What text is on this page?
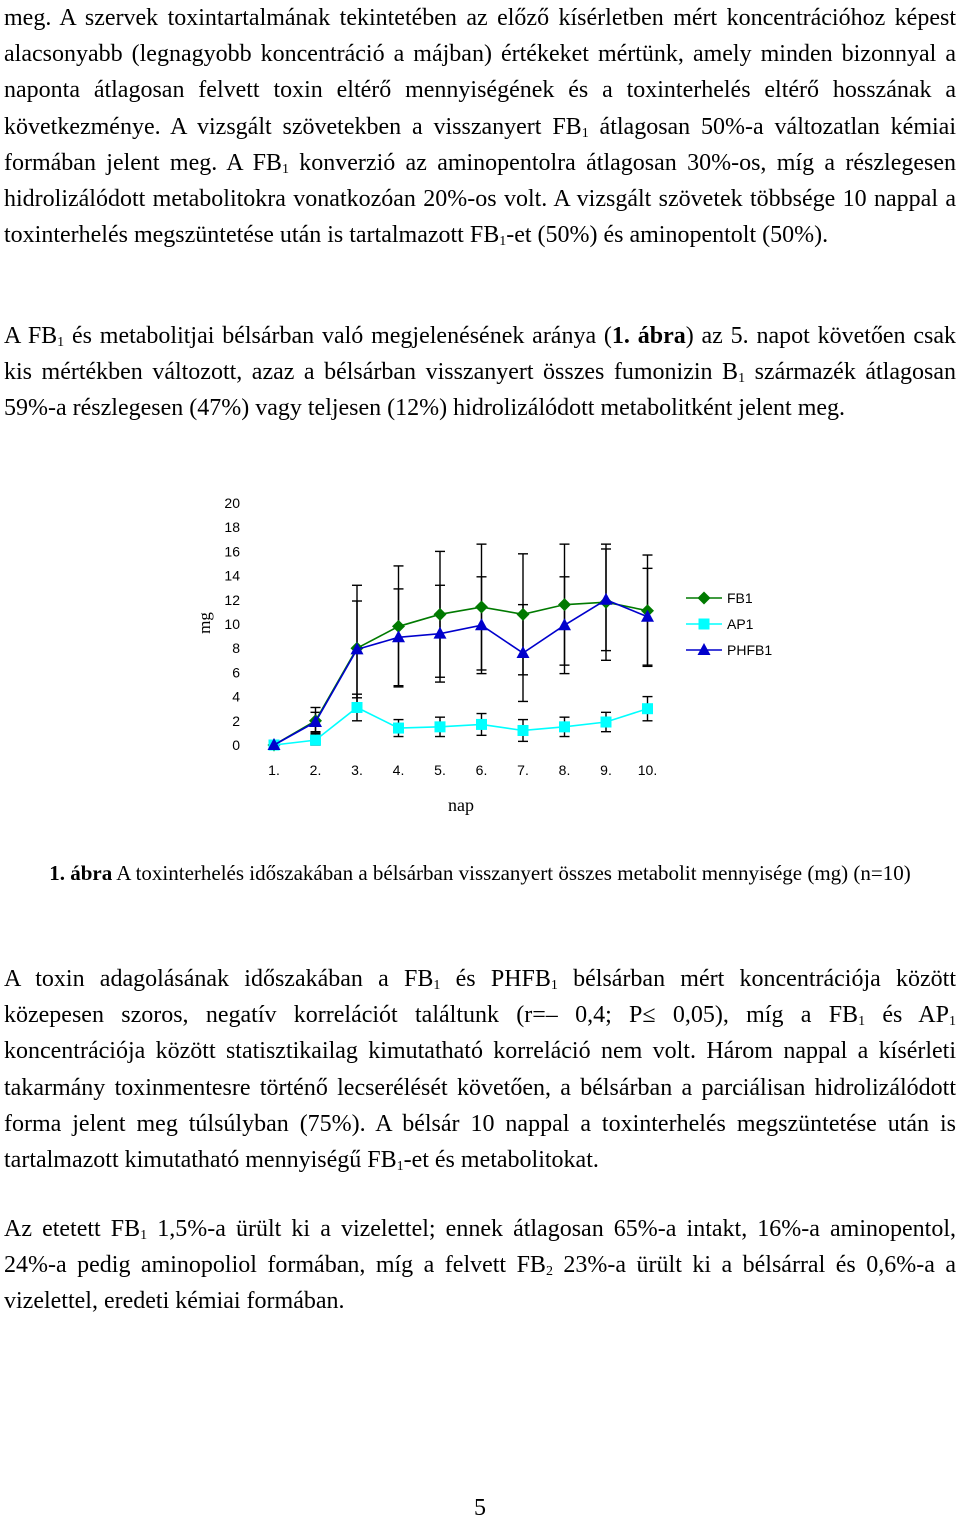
meg. A szervek toxintartalmának tekintetében az előző kísérletben mért koncentrációhoz képest alacsonyabb (legnagyobb koncentráció a májban) értékeket mértünk, amely minden bizonnyal a naponta átlagosan felvett toxin eltérő mennyiségének és a toxinterhelés eltérő hosszának a következménye. A vizsgált szövetekben a visszanyert $FB_1$ átlagosan 50%-a változatlan kémiai formában jelent meg. A $FB_1$ konverzió az aminopentolra átlagosan 30%-os, míg a részlegesen hidrolizálódott metabolitokra vonatkozóan 20%-os volt. A vizsgált szövetek többsége 10 nappal a toxinterhelés megszüntetése után is tartalmazott $FB_1-et$ (50%) és aminopentolt (50%).

A $FB_1$ és metabolitjai bélsárban való megjelenésének aránya (1. ábra) az 5. napot követően csak kis mértékben változott, azaz a bélsárban visszanyert összes fumonizin $B_1$ származék átlagosan 59%-a részlegesen (47%) vagy teljesen (12%) hidrolizálódott metabolitként jelent meg.

mg
nap
0
2
4
6
8
10
12
14
16
18
20
1. 2. 3. 4. 5. 6. 7. 8. 9. 10.
FB1
AP1
PHFB1

1. ábra A toxinterhelés időszakában a bélsárban visszanyert összes metabolit mennyisége (mg) (n=10)

A toxin adagolásának időszakában a $FB_1$ és $PHFB_1$ bélsárban mért koncentrációja között közepesen szoros, negatív korrelációt találtunk (r=– 0,4; P≤ 0,05), míg a $FB_1$ és $AP_1$ koncentrációja között statisztikailag kimutatható korreláció nem volt. Három nappal a kísérleti takarmány toxinmentesre történő lecserélését követően, a bélsárban a parciálisan hidrolizálódott forma jelent meg túlsúlyban (75%). A bélsár 10 nappal a toxinterhelés megszüntetése után is tartalmazott kimutatható mennyiségű $FB_1-et$ és metabolitokat.

Az etetett $FB_1$ 1,5%-a ürült ki a vizelettel; ennek átlagosan 65%-a intakt, 16%-a aminopentol, 24%-a pedig aminopoliol formában, míg a felvett $FB_2$ 23%-a ürült ki a bélsárral és 0,6%-a a vizelettel, eredeti kémiai formában.

5
